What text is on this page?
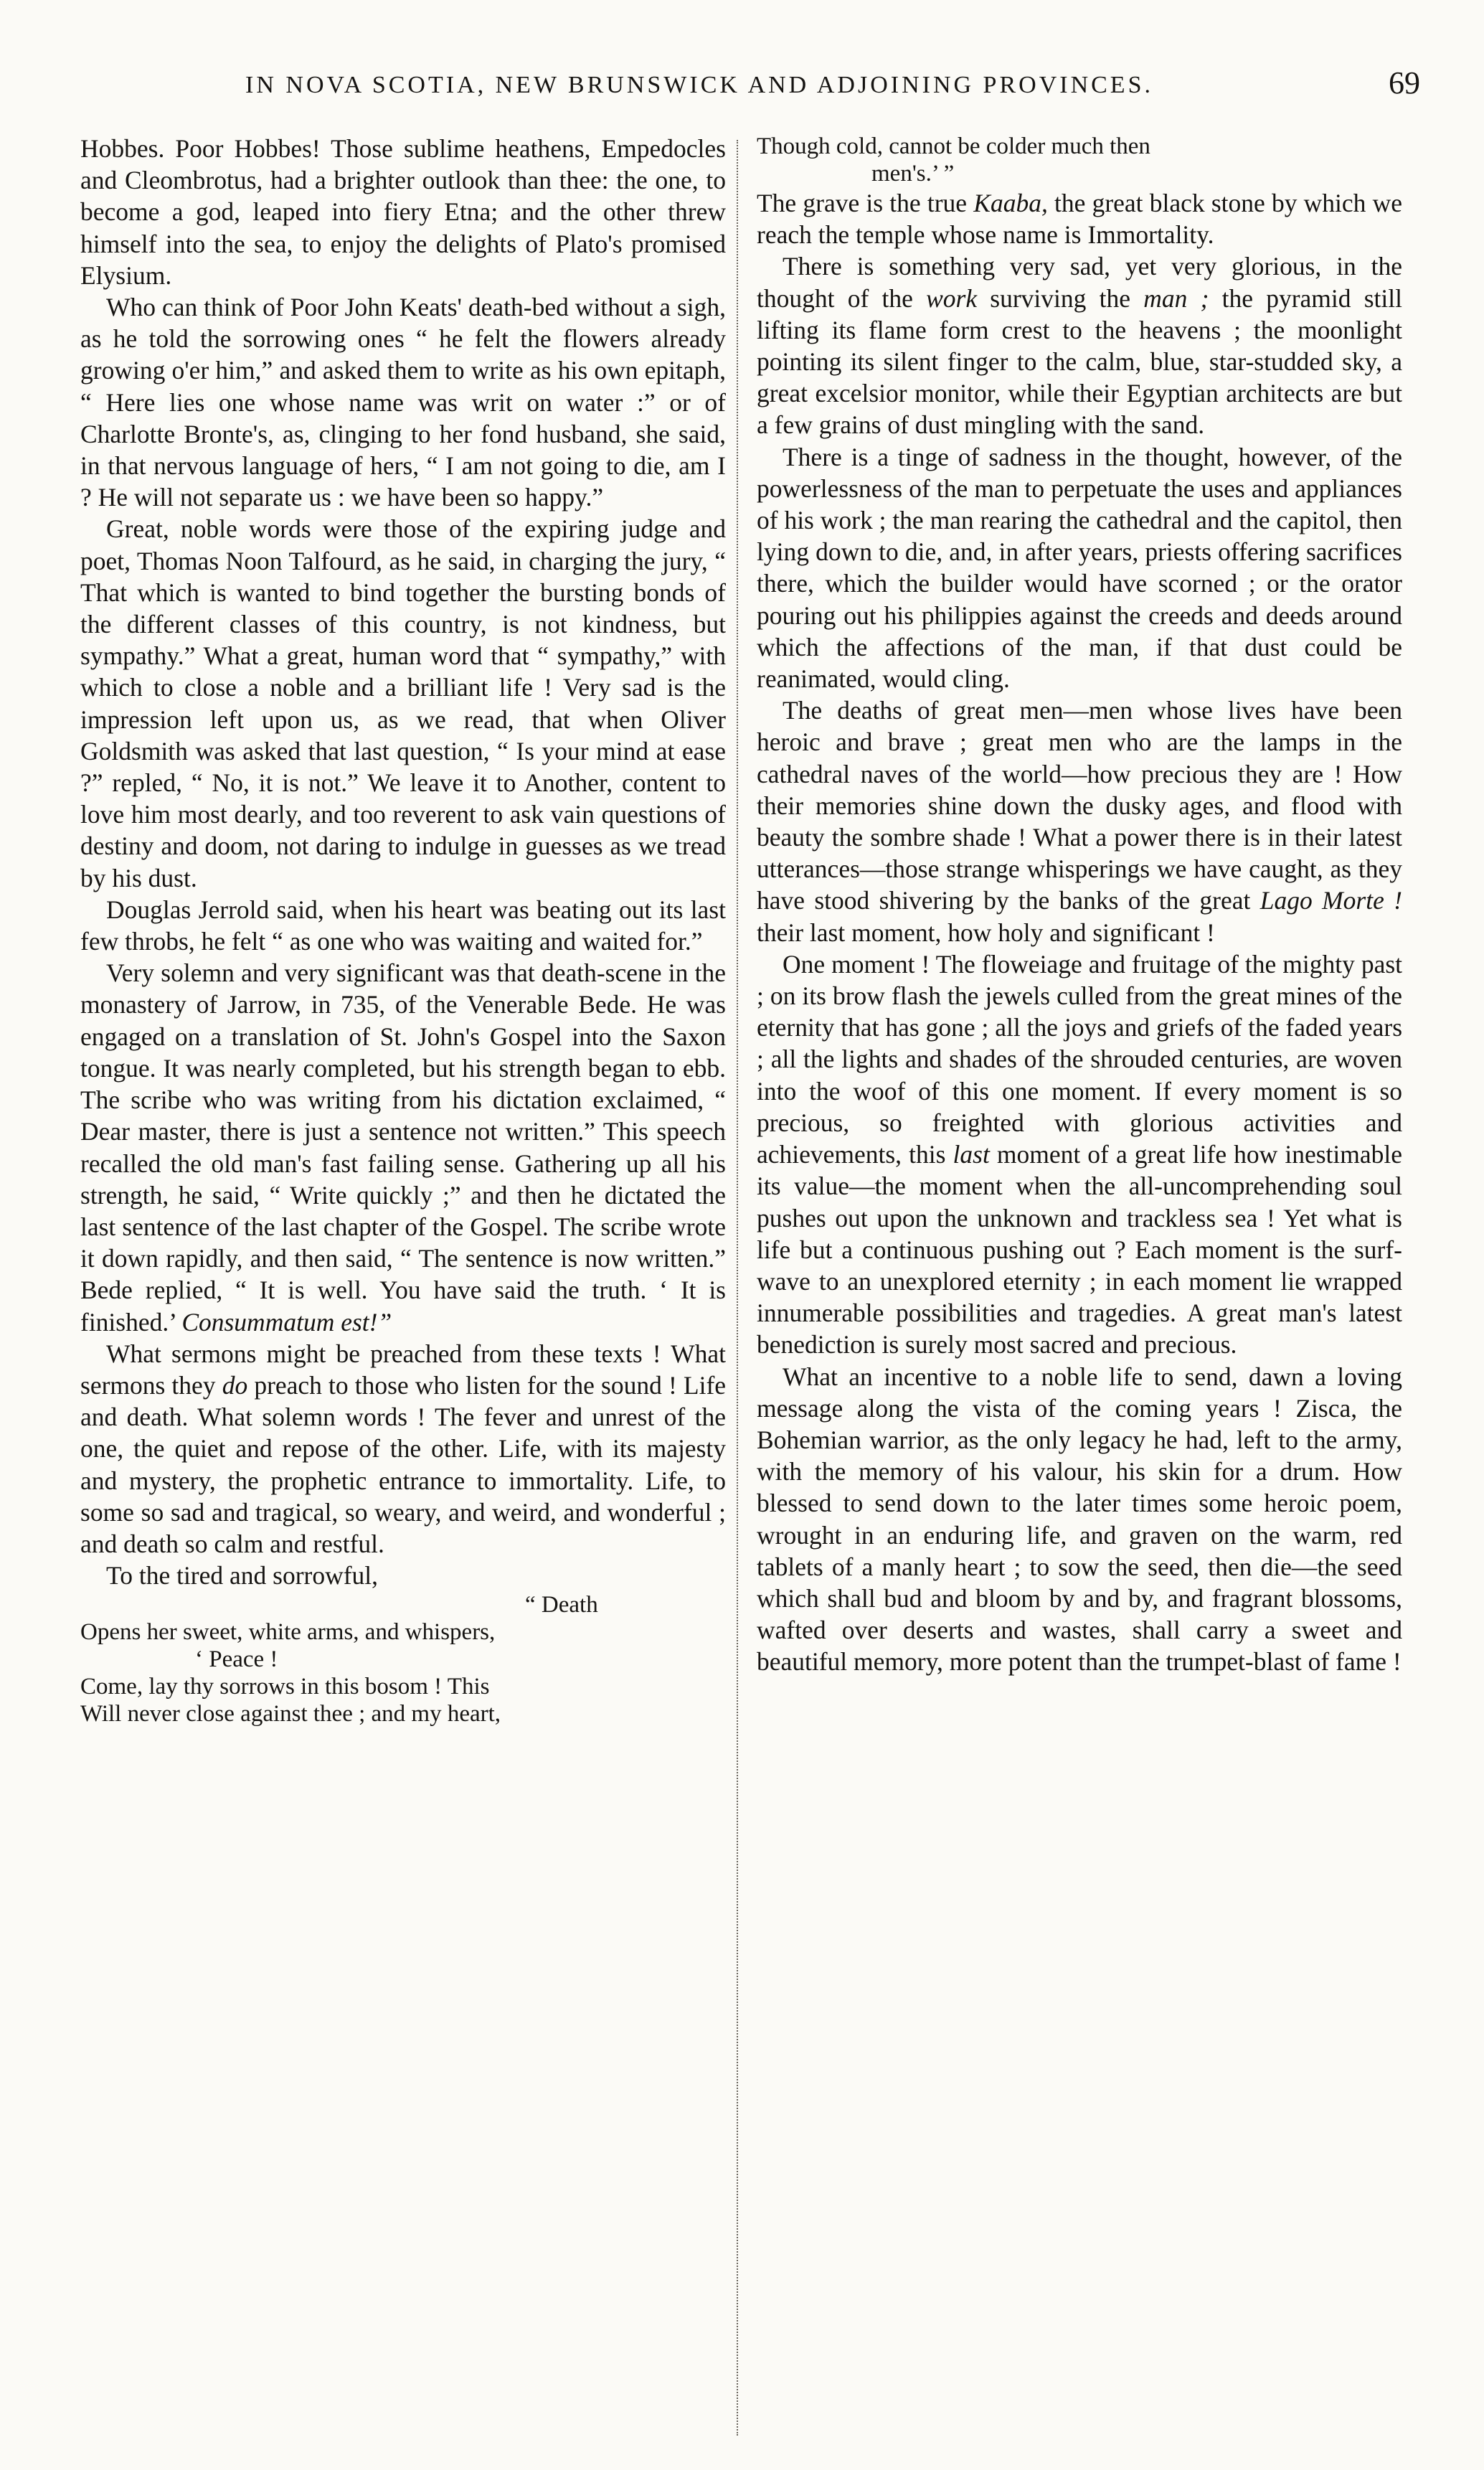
IN NOVA SCOTIA, NEW BRUNSWICK AND ADJOINING PROVINCES.	69

Hobbes. Poor Hobbes! Those sublime heathens, Empedocles and Cleombrotus, had a brighter outlook than thee: the one, to become a god, leaped into fiery Etna; and the other threw himself into the sea, to enjoy the delights of Plato's promised Elysium.

Who can think of Poor John Keats' death-bed without a sigh, as he told the sorrowing ones “ he felt the flowers already growing o'er him,” and asked them to write as his own epitaph, “ Here lies one whose name was writ on water :” or of Charlotte Bronte's, as, clinging to her fond husband, she said, in that nervous language of hers, “ I am not going to die, am I ? He will not separate us : we have been so happy.”

Great, noble words were those of the expiring judge and poet, Thomas Noon Talfourd, as he said, in charging the jury, “ That which is wanted to bind together the bursting bonds of the different classes of this country, is not kindness, but sympathy.” What a great, human word that “ sympathy,” with which to close a noble and a brilliant life ! Very sad is the impression left upon us, as we read, that when Oliver Goldsmith was asked that last question, “ Is your mind at ease ?” repled, “ No, it is not.” We leave it to Another, content to love him most dearly, and too reverent to ask vain questions of destiny and doom, not daring to indulge in guesses as we tread by his dust.

Douglas Jerrold said, when his heart was beating out its last few throbs, he felt “ as one who was waiting and waited for.”

Very solemn and very significant was that death-scene in the monastery of Jarrow, in 735, of the Venerable Bede. He was engaged on a translation of St. John's Gospel into the Saxon tongue. It was nearly completed, but his strength began to ebb. The scribe who was writing from his dictation exclaimed, “ Dear master, there is just a sentence not written.” This speech recalled the old man's fast failing sense. Gathering up all his strength, he said, “ Write quickly ;” and then he dictated the last sentence of the last chapter of the Gospel. The scribe wrote it down rapidly, and then said, “ The sentence is now written.” Bede replied, “ It is well. You have said the truth. ‘ It is finished.’ Consummatum est!”

What sermons might be preached from these texts ! What sermons they do preach to those who listen for the sound ! Life and death. What solemn words ! The fever and unrest of the one, the quiet and repose of the other. Life, with its majesty and mystery, the prophetic entrance to immortality. Life, to some so sad and tragical, so weary, and weird, and wonderful ; and death so calm and restful.

To the tired and sorrowful,
“ Death
Opens her sweet, white arms, and whispers,
‘ Peace !
Come, lay thy sorrows in this bosom ! This
Will never close against thee ; and my heart,
Though cold, cannot be colder much then
men's.’ ”

The grave is the true Kaaba, the great black stone by which we reach the temple whose name is Immortality.

There is something very sad, yet very glorious, in the thought of the work surviving the man ; the pyramid still lifting its flame form crest to the heavens ; the moonlight pointing its silent finger to the calm, blue, star-studded sky, a great excelsior monitor, while their Egyptian architects are but a few grains of dust mingling with the sand.

There is a tinge of sadness in the thought, however, of the powerlessness of the man to perpetuate the uses and appliances of his work ; the man rearing the cathedral and the capitol, then lying down to die, and, in after years, priests offering sacrifices there, which the builder would have scorned ; or the orator pouring out his philippies against the creeds and deeds around which the affections of the man, if that dust could be reanimated, would cling.

The deaths of great men—men whose lives have been heroic and brave ; great men who are the lamps in the cathedral naves of the world—how precious they are ! How their memories shine down the dusky ages, and flood with beauty the sombre shade ! What a power there is in their latest utterances—those strange whisperings we have caught, as they have stood shivering by the banks of the great Lago Morte ! their last moment, how holy and significant !

One moment ! The floweiage and fruitage of the mighty past ; on its brow flash the jewels culled from the great mines of the eternity that has gone ; all the joys and griefs of the faded years ; all the lights and shades of the shrouded centuries, are woven into the woof of this one moment. If every moment is so precious, so freighted with glorious activities and achievements, this last moment of a great life how inestimable its value—the moment when the all-uncomprehending soul pushes out upon the unknown and trackless sea ! Yet what is life but a continuous pushing out ? Each moment is the surf-wave to an unexplored eternity ; in each moment lie wrapped innumerable possibilities and tragedies. A great man's latest benediction is surely most sacred and precious.

What an incentive to a noble life to send, dawn a loving message along the vista of the coming years ! Zisca, the Bohemian warrior, as the only legacy he had, left to the army, with the memory of his valour, his skin for a drum. How blessed to send down to the later times some heroic poem, wrought in an enduring life, and graven on the warm, red tablets of a manly heart ; to sow the seed, then die—the seed which shall bud and bloom by and by, and fragrant blossoms, wafted over deserts and wastes, shall carry a sweet and beautiful memory, more potent than the trumpet-blast of fame !
